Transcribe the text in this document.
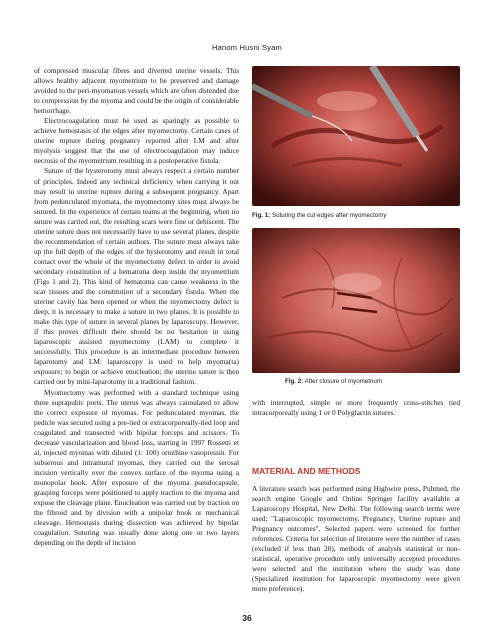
Hanom Husni Syam

of compressed muscular fibres and diverted uterine vessels. This allows healthy adjacent myometrium to be preserved and damage avoided to the peri-myomatous vessels which are often distended due to compression by the myoma and could be the origin of considerable hemorrhage.

Electrocoagulation must be used as sparingly as possible to achieve hemostasis of the edges after myomectomy. Certain cases of uterine rupture during pregnancy reported after LM and after myolysis suggest that the use of electrocoagulation may induce necrosis of the myometrium resulting in a postoperative fistula.

Suture of the hysterotomy must always respect a certain number of principles. Indeed any technical deficiency when carrying it out may result in uterine rupture during a subsequent pregnancy. Apart from pedunculated myomata, the myomectomy sites must always be sutured. In the experience of certain teams at the beginning, when no suture was carried out, the resulting scars were fine or dehiscent. The uterine suture does not necessarily have to use several planes, despite the recommendation of certain authors. The suture must always take up the full depth of the edges of the hysterotomy and result in total contact over the whole of the myomectomy defect in order to avoid secondary constitution of a hematoma deep inside the myometrium (Figs 1 and 2). This kind of hematoma can cause weakness in the scar tissues and the constitution of a secondary fistula. When the uterine cavity has been opened or when the myomectomy defect is deep, it is necessary to make a suture in two planes. It is possible to make this type of suture in several planes by laparoscopy. However, if this proves difficult there should be no hesitation in using laparoscopic assisted myomectomy (LAM) to complete it successfully. This procedure is an intermediate procedure between laparotomy and LM: laparoscopy is used to help myoma(ta) exposure; to begin or achieve enucleation; the uterine suture is then carried out by mini-laparotomy in a traditional fashion.

Myomectomy was performed with a standard technique using three suprapubic ports. The uterus was always cannulated to allow the correct exposure of myomas. For pedunculated myomas, the pedicle was secured using a pre-tied or extracorporeally-tied loop and coagulated and transected with bipolar forceps and scissors. To decrease vascularization and blood loss, starting in 1997 Rossetti et al, injected myomas with diluted (1: 100) ornithine vasopressin. For subserous and intramural myomas, they carried out the serosal incision vertically over the convex surface of the myoma using a monopolar hook. After exposure of the myoma pseudocapsule, grasping forceps were positioned to apply traction to the myoma and expose the cleavage plane. Enucleation was carried out by traction on the fibroid and by division with a unipolar hook or mechanical cleavage. Hemostasis during dissection was achieved by bipolar coagulation. Suturing was usually done along one or two layers depending on the depth of incision

Fig. 1: Suturing the cut edges after myomectomy
Fig. 2: After closure of myometrium

with interrupted, simple or more frequently cross-stitches tied intracorporeally using 1 or 0 Polyglactin sutures.

MATERIAL AND METHODS

A literature search was performed using Highwire press, Pubmed, the search engine Google and Online Springer facility available at Laparoscopy Hospital, New Delhi. The following search terms were used; "Laparoscopic myomectomy, Pregnancy, Uterine rupture and Pregnancy outcomes". Selected papers were screened for further references. Criteria for selection of literature were the number of cases (excluded if less than 20), methods of analysis statistical or non-statistical, operative procedure only universally accepted procedures were selected and the institution where the study was done (Specialized institution for laparoscopic myomectomy were given more preference).

36
